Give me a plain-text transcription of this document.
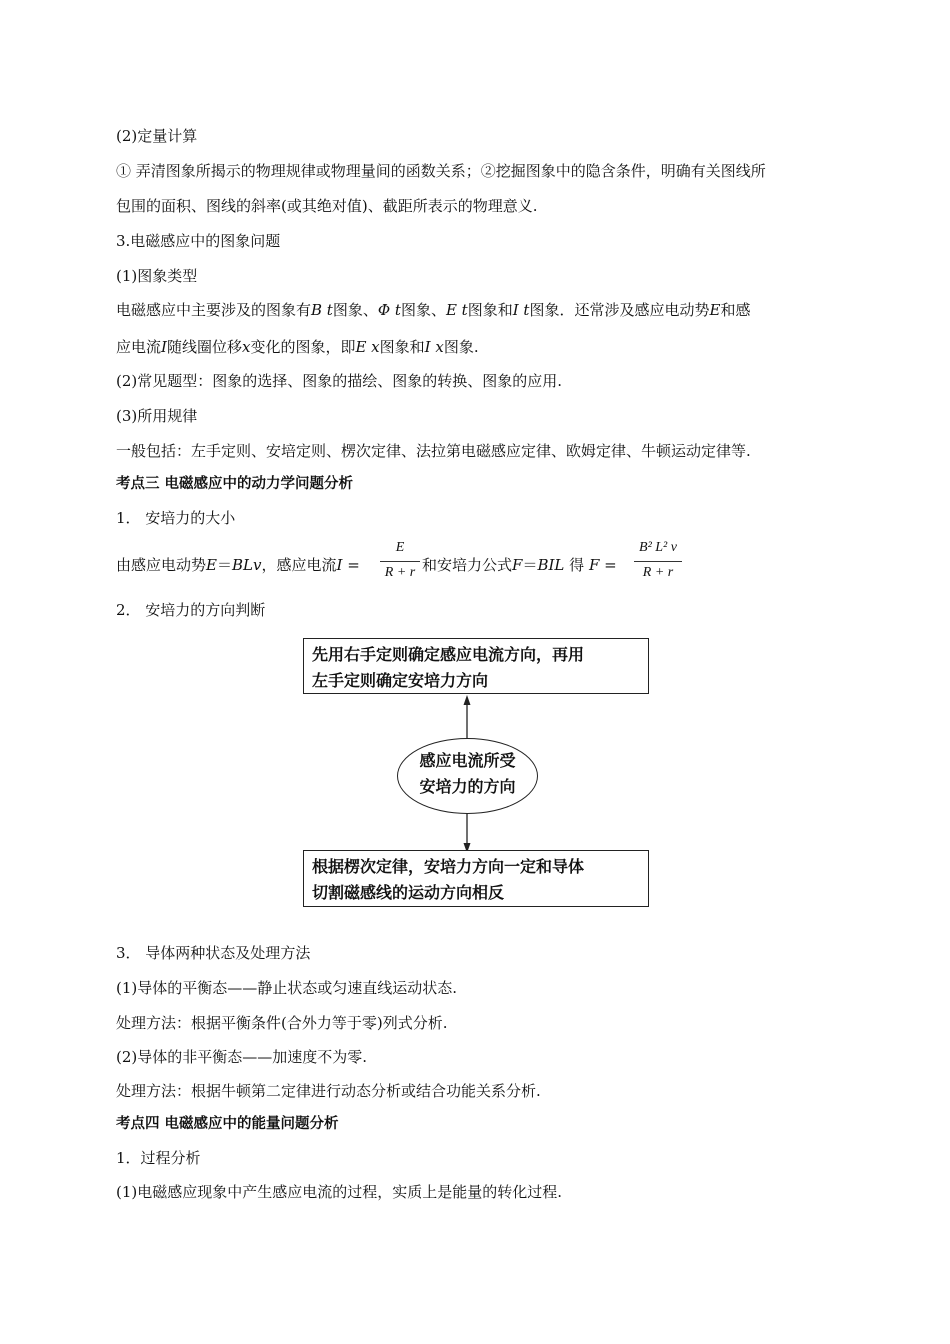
(2)定量计算
① 弄清图象所揭示的物理规律或物理量间的函数关系；②挖掘图象中的隐含条件，明确有关图线所
包围的面积、图线的斜率(或其绝对值)、截距所表示的物理意义.
3.电磁感应中的图象问题
(1)图象类型
电磁感应中主要涉及的图象有B t图象、Φ t图象、E t图象和I t图象．还常涉及感应电动势E和感
应电流I随线圈位移x变化的图象，即E x图象和I x图象.
(2)常见题型：图象的选择、图象的描绘、图象的转换、图象的应用.
(3)所用规律
一般包括：左手定则、安培定则、楞次定律、法拉第电磁感应定律、欧姆定律、牛顿运动定律等.
考点三 电磁感应中的动力学问题分析
1． 安培力的大小
由感应电动势E＝BLv，感应电流I =
E
R + r 和安培力公式F＝BIL 得 F =
B² L² v
R + r
2． 安培力的方向判断
先用右手定则确定感应电流方向，再用
左手定则确定安培力方向
感应电流所受
安培力的方向
根据楞次定律，安培力方向一定和导体
切割磁感线的运动方向相反
3． 导体两种状态及处理方法
(1)导体的平衡态——静止状态或匀速直线运动状态.
处理方法：根据平衡条件(合外力等于零)列式分析.
(2)导体的非平衡态——加速度不为零.
处理方法：根据牛顿第二定律进行动态分析或结合功能关系分析.
考点四 电磁感应中的能量问题分析
1．过程分析
(1)电磁感应现象中产生感应电流的过程，实质上是能量的转化过程.
